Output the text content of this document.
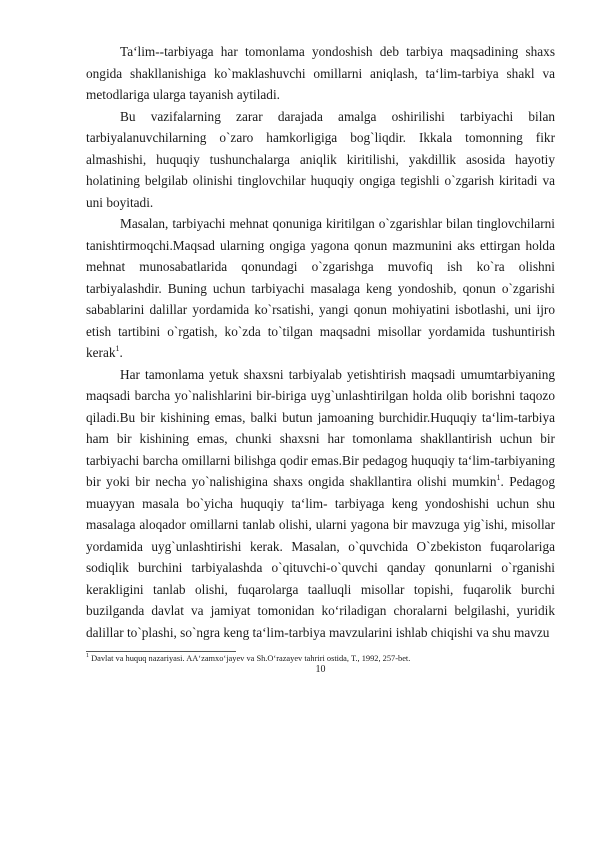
Ta‘lim--tarbiyaga har tomonlama yondoshish deb tarbiya maqsadining shaxs ongida shakllanishiga ko`maklashuvchi omillarni aniqlash, ta‘lim-tarbiya shakl va metodlariga ularga tayanish aytiladi.

Bu vazifalarning zarar darajada amalga oshirilishi tarbiyachi bilan tarbiyalanuvchilarning o`zaro hamkorligiga bog`liqdir. Ikkala tomonning fikr almashishi, huquqiy tushunchalarga aniqlik kiritilishi, yakdillik asosida hayotiy holatining belgilab olinishi tinglovchilar huquqiy ongiga tegishli o`zgarish kiritadi va uni boyitadi.

Masalan, tarbiyachi mehnat qonuniga kiritilgan o`zgarishlar bilan tinglovchilarni tanishtirmoqchi.Maqsad ularning ongiga yagona qonun mazmunini aks ettirgan holda mehnat munosabatlarida qonundagi o`zgarishga muvofiq ish ko`ra olishni tarbiyalashdir. Buning uchun tarbiyachi masalaga keng yondoshib, qonun o`zgarishi sabablarini dalillar yordamida ko`rsatishi, yangi qonun mohiyatini isbotlashi, uni ijro etish tartibini o`rgatish, ko`zda to`tilgan maqsadni misollar yordamida tushuntirish kerak$^1$.

Har tamonlama yetuk shaxsni tarbiyalab yetishtirish maqsadi umumtarbiyaning maqsadi barcha yo`nalishlarini bir-biriga uyg`unlashtirilgan holda olib borishni taqozo qiladi.Bu bir kishining emas, balki butun jamoaning burchidir.Huquqiy ta‘lim-tarbiya ham bir kishining emas, chunki shaxsni har tomonlama shakllantirish uchun bir tarbiyachi barcha omillarni bilishga qodir emas.Bir pedagog huquqiy ta‘lim-tarbiyaning bir yoki bir necha yo`nalishigina shaxs ongida shakllantira olishi mumkin$^1$. Pedagog muayyan masala bo`yicha huquqiy ta‘lim- tarbiyaga keng yondoshishi uchun shu masalaga aloqador omillarni tanlab olishi, ularni yagona bir mavzuga yig`ishi, misollar yordamida uyg`unlashtirishi kerak. Masalan, o`quvchida O`zbekiston fuqarolariga sodiqlik burchini tarbiyalashda o`qituvchi-o`quvchi qanday qonunlarni o`rganishi kerakligini tanlab olishi, fuqarolarga taalluqli misollar topishi, fuqarolik burchi buzilganda davlat va jamiyat tomonidan ko‘riladigan choralarni belgilashi, yuridik dalillar to`plashi, so`ngra keng ta‘lim-tarbiya mavzularini ishlab chiqishi va shu mavzu

$^1$ Davlat va huquq nazariyasi. AA‘zamxo‘jayev va Sh.O‘razayev tahriri ostida, T., 1992, 257-bet.

10
